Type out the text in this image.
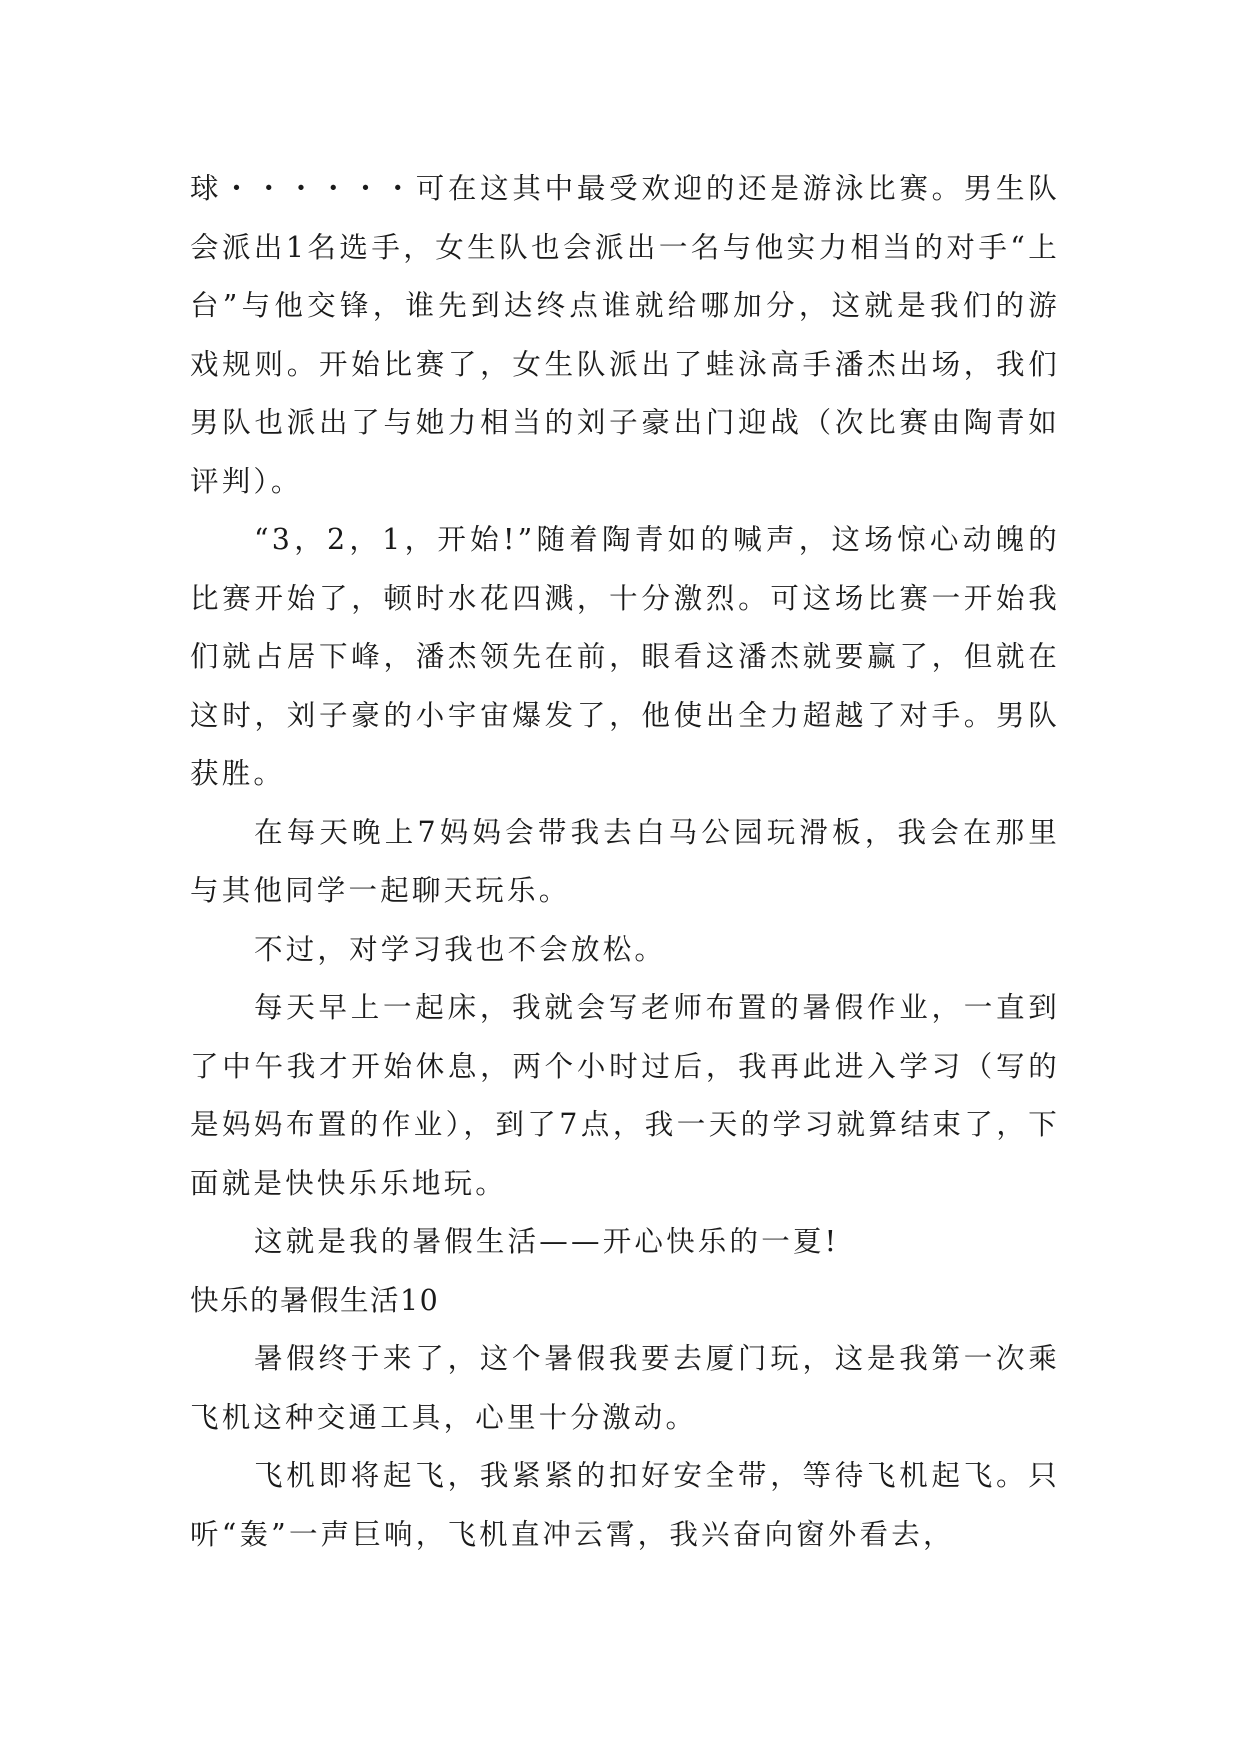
球・・・・・・可在这其中最受欢迎的还是游泳比赛。男生队会派出1名选手，女生队也会派出一名与他实力相当的对手“上台”与他交锋，谁先到达终点谁就给哪加分，这就是我们的游戏规则。开始比赛了，女生队派出了蛙泳高手潘杰出场，我们男队也派出了与她力相当的刘子豪出门迎战（次比赛由陶青如评判）。

“3，2，1，开始!”随着陶青如的喊声，这场惊心动魄的比赛开始了，顿时水花四溅，十分激烈。可这场比赛一开始我们就占居下峰，潘杰领先在前，眼看这潘杰就要赢了，但就在这时，刘子豪的小宇宙爆发了，他使出全力超越了对手。男队获胜。

在每天晚上7妈妈会带我去白马公园玩滑板，我会在那里与其他同学一起聊天玩乐。

不过，对学习我也不会放松。

每天早上一起床，我就会写老师布置的暑假作业，一直到了中午我才开始休息，两个小时过后，我再此进入学习（写的是妈妈布置的作业），到了7点，我一天的学习就算结束了，下面就是快快乐乐地玩。

这就是我的暑假生活——开心快乐的一夏!

快乐的暑假生活10

暑假终于来了，这个暑假我要去厦门玩，这是我第一次乘飞机这种交通工具，心里十分激动。

飞机即将起飞，我紧紧的扣好安全带，等待飞机起飞。只听“轰”一声巨响，飞机直冲云霄，我兴奋向窗外看去，
